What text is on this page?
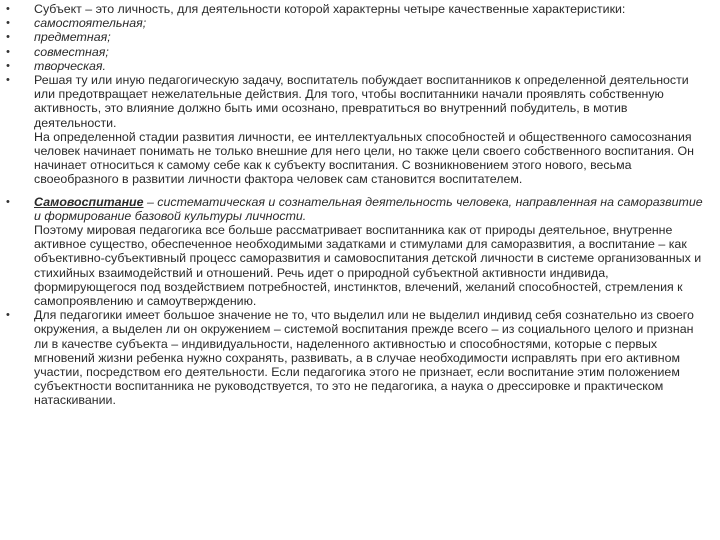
• Субъект – это личность, для деятельности которой характерны четыре качественные характеристики:
• самостоятельная;
• предметная;
• совместная;
• творческая.
• Решая ту или иную педагогическую задачу, воспитатель побуждает воспитанников к определенной деятельности или предотвращает нежелательные действия. Для того, чтобы воспитанники начали проявлять собственную активность, это влияние должно быть ими осознано, превратиться во внутренний побудитель, в мотив деятельности.
На определенной стадии развития личности, ее интеллектуальных способностей и общественного самосознания человек начинает понимать не только внешние для него цели, но также цели своего собственного воспитания. Он начинает относиться к самому себе как к субъекту воспитания. С возникновением этого нового, весьма своеобразного в развитии личности фактора человек сам становится воспитателем.
• Самовоспитание – систематическая и сознательная деятельность человека, направленная на саморазвитие и формирование базовой культуры личности.
Поэтому мировая педагогика все больше рассматривает воспитанника как от природы деятельное, внутренне активное существо, обеспеченное необходимыми задатками и стимулами для саморазвития, а воспитание – как объективно-субъективный процесс саморазвития и самовоспитания детской личности в системе организованных и стихийных взаимодействий и отношений. Речь идет о природной субъектной активности индивида, формирующегося под воздействием потребностей, инстинктов, влечений, желаний способностей, стремления к самопроявлению и самоутверждению.
• Для педагогики имеет большое значение не то, что выделил или не выделил индивид себя сознательно из своего окружения, а выделен ли он окружением – системой воспитания прежде всего – из социального целого и признан ли в качестве субъекта – индивидуальности, наделенного активностью и способностями, которые с первых мгновений жизни ребенка нужно сохранять, развивать, а в случае необходимости исправлять при его активном участии, посредством его деятельности. Если педагогика этого не признает, если воспитание этим положением субъектности воспитанника не руководствуется, то это не педагогика, а наука о дрессировке и практическом натаскивании.
